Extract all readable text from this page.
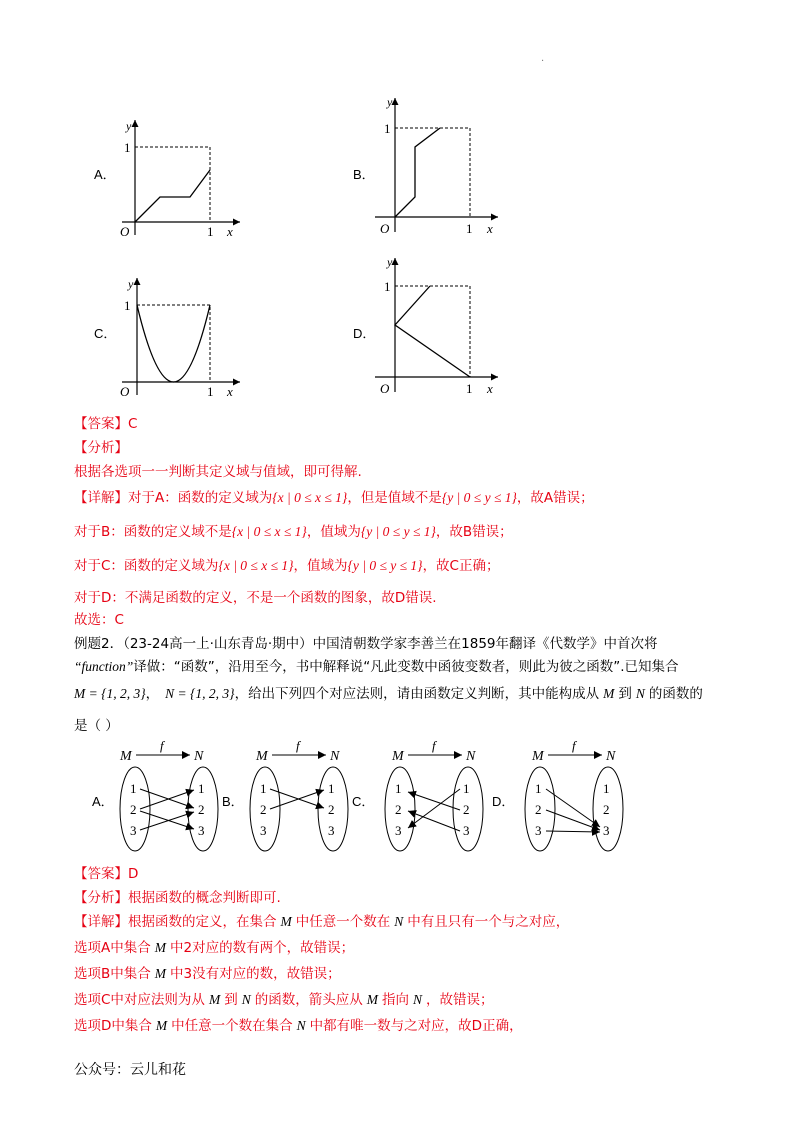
·
A．
y
1
O	1 x
B．
y
1
O	1 x
C．
y
1
O	1 x
D．
y
1
O	1 x
【答案】C
【分析】
根据各选项一一判断其定义域与值域，即可得解.
【详解】对于A：函数的定义域为{x | 0 ≤ x ≤ 1}，但是值域不是{y | 0 ≤ y ≤ 1}，故A错误；
对于B：函数的定义域不是{x | 0 ≤ x ≤ 1}，值域为{y | 0 ≤ y ≤ 1}，故B错误；
对于C：函数的定义域为{x | 0 ≤ x ≤ 1}，值域为{y | 0 ≤ y ≤ 1}，故C正确；
对于D：不满足函数的定义，不是一个函数的图象，故D错误.
故选：C
例题2．（23-24高一上·山东青岛·期中）中国清朝数学家李善兰在1859年翻译《代数学》中首次将
“function”译做：“函数”，沿用至今，书中解释说“凡此变数中函彼变数者，则此为彼之函数”.已知集合
M = {1, 2, 3}， N = {1, 2, 3}，给出下列四个对应法则，请由函数定义判断，其中能构成从 M 到 N 的函数的
是（ ）
A．
M
f
N
1
2
3
1
2
3
B．
M
f
N
1
2
3
1
2
3
C．
M
f
N
1
2
3
1
2
3
D．
M
f
N
1
2
3
1
2
3
【答案】D
【分析】根据函数的概念判断即可.
【详解】根据函数的定义，在集合 M 中任意一个数在 N 中有且只有一个与之对应，
选项A中集合 M 中2对应的数有两个，故错误；
选项B中集合 M 中3没有对应的数，故错误；
选项C中对应法则为从 M 到 N 的函数，箭头应从 M 指向 N ，故错误；
选项D中集合 M 中任意一个数在集合 N 中都有唯一数与之对应，故D正确，
公众号：云儿和花
